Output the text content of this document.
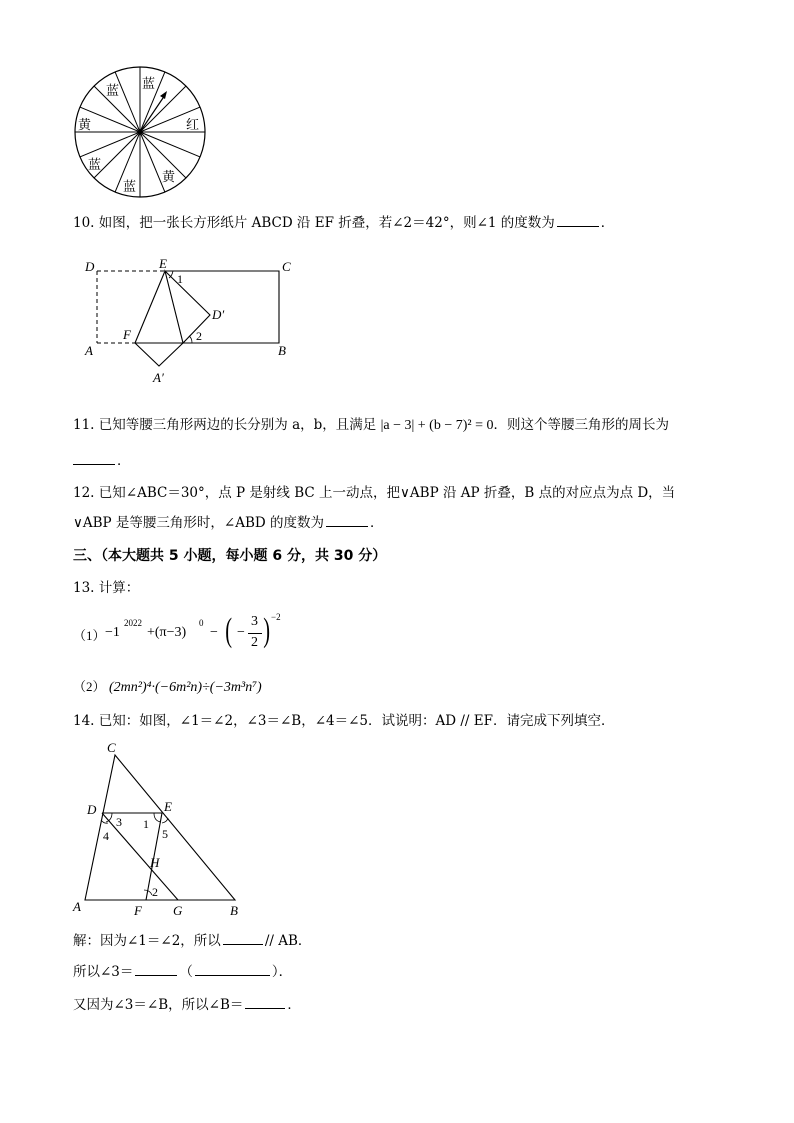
蓝
蓝
黄	红
蓝
蓝
黄
10. 如图，把一张长方形纸片 ABCD 沿 EF 折叠，若∠2＝42°，则∠1 的度数为	．
D	E	C
F
A	B
D′
A′
1
2
11. 已知等腰三角形两边的长分别为 a，b，且满足 |a − 3| + (b − 7)² = 0．则这个等腰三角形的周长为
．
12. 已知∠ABC＝30°，点 P 是射线 BC 上一动点，把∨ABP 沿 AP 折叠，B 点的对应点为点 D，当
∨ABP 是等腰三角形时，∠ABD 的度数为	．
三、（本大题共 5 小题，每小题 6 分，共 30 分）
13. 计算：
（1） −1
2022
+(π−3)
0
− ( −
3
2 ) −2
（2） (2mn²)⁴·(−6m²n)÷(−3m³n⁷)
14. 已知：如图，∠1＝∠2，∠3＝∠B，∠4＝∠5．试说明：AD // EF．请完成下列填空．
C
D	E
A	F G	B
H
1
2
3
4	5
解：因为∠1＝∠2，所以	// AB．
所以∠3＝	（	）．
又因为∠3＝∠B，所以∠B＝	．
